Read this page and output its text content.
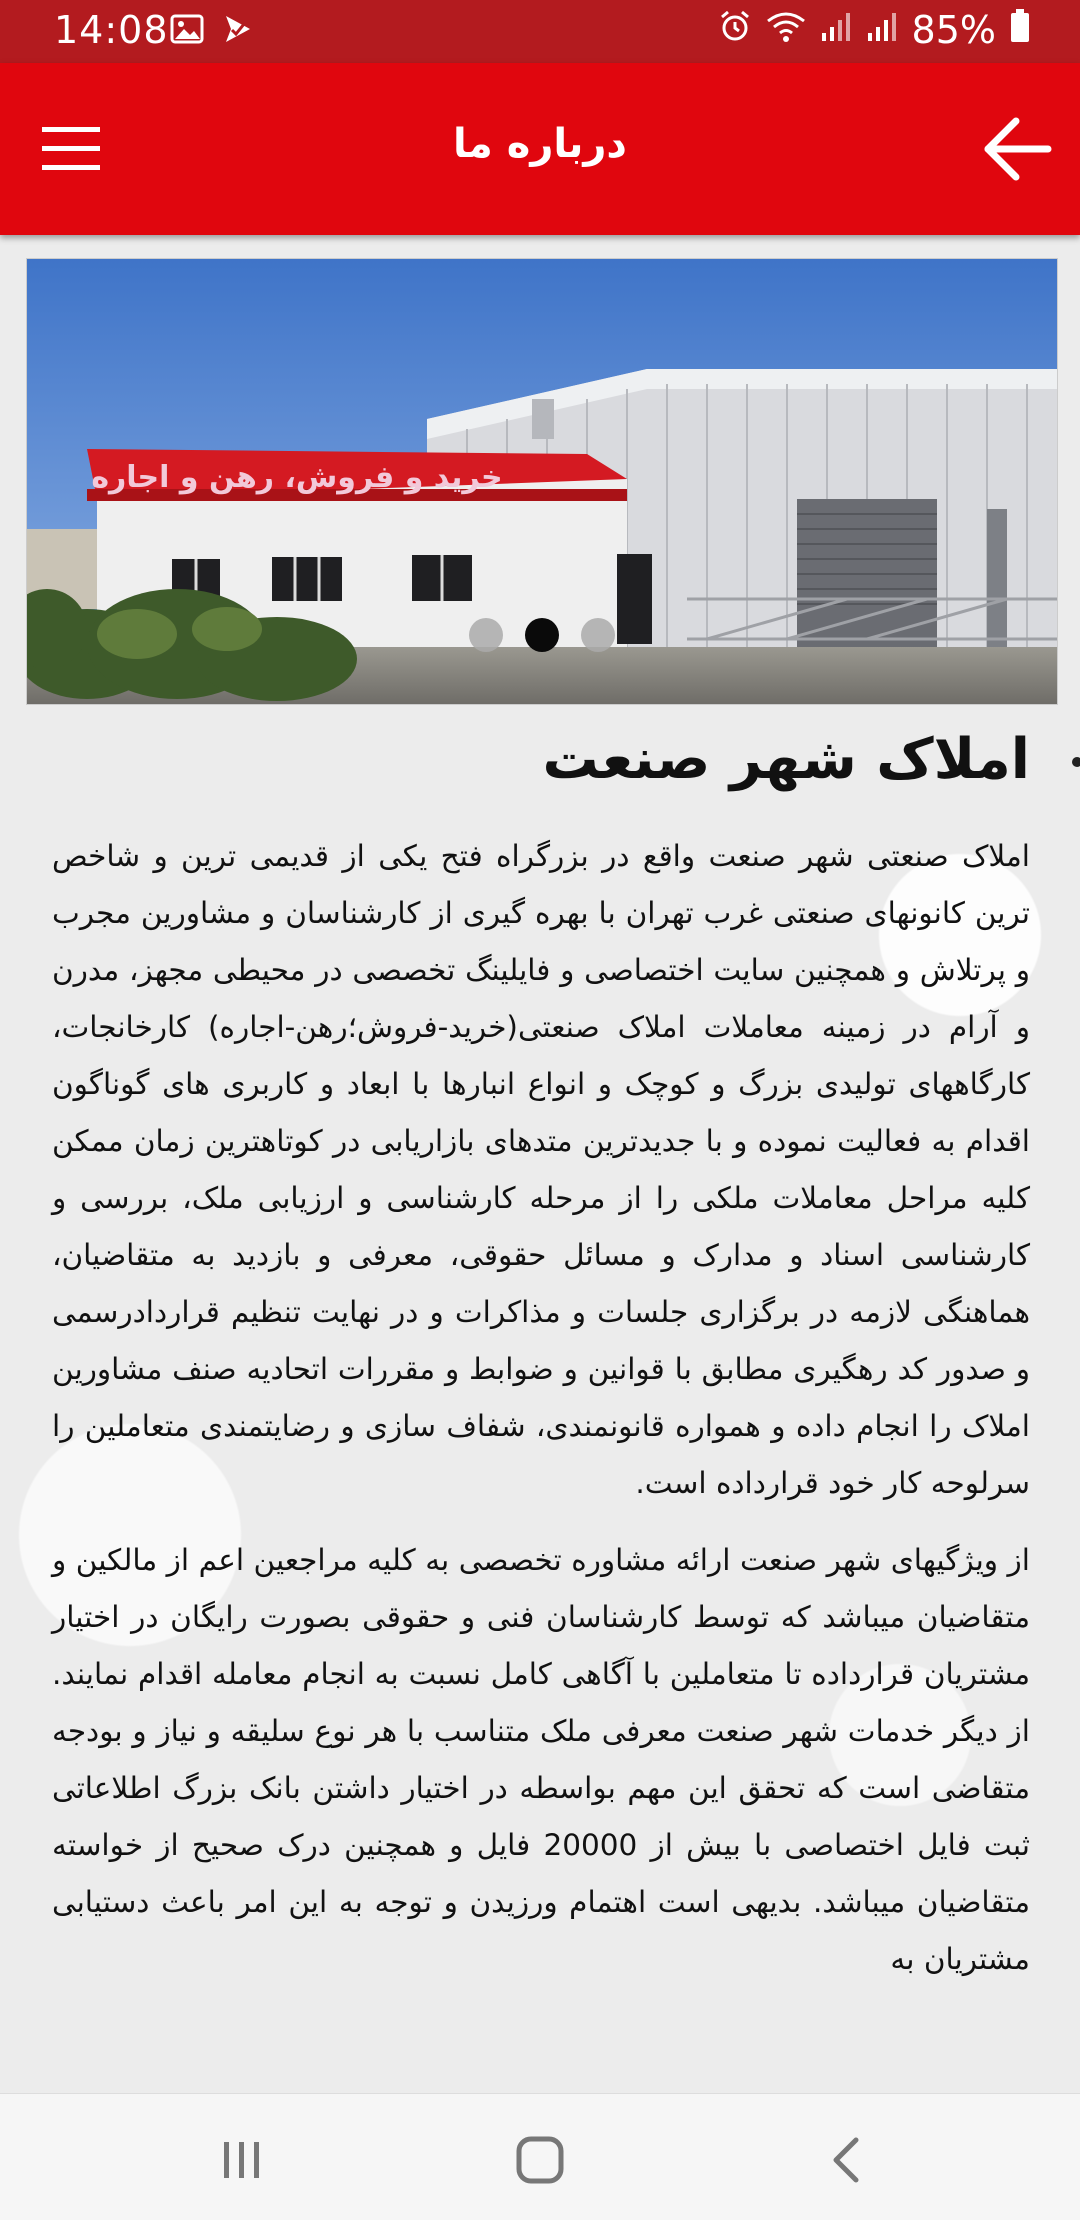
14:08	85%
درباره ما
خرید و فروش، رهن و اجاره
املاک شهر صنعت

املاک صنعتی شهر صنعت واقع در بزرگراه فتح یکی از قدیمی ترین و شاخص ترین کانونهای صنعتی غرب تهران با بهره گیری از کارشناسان و مشاورین مجرب و پرتلاش و همچنین سایت اختصاصی و فایلینگ تخصصی در محیطی مجهز، مدرن و آرام در زمینه معاملات املاک صنعتی(خرید-فروش؛رهن-اجاره) کارخانجات، کارگاههای تولیدی بزرگ و کوچک و انواع انبارها با ابعاد و کاربری های گوناگون اقدام به فعالیت نموده و با جدیدترین متدهای بازاریابی در کوتاهترین زمان ممکن کلیه مراحل معاملات ملکی را از مرحله کارشناسی و ارزیابی ملک، بررسی و کارشناسی اسناد و مدارک و مسائل حقوقی، معرفی و بازدید به متقاضیان، هماهنگی لازمه در برگزاری جلسات و مذاکرات و در نهایت تنظیم قراردادرسمی و صدور کد رهگیری مطابق با قوانین و ضوابط و مقررات اتحادیه صنف مشاورین املاک را انجام داده و همواره قانونمندی، شفاف سازی و رضایتمندی متعاملین را سرلوحه کار خود قرارداده است.

از ویژگیهای شهر صنعت ارائه مشاوره تخصصی به کلیه مراجعین اعم از مالکین و متقاضیان میباشد که توسط کارشناسان فنی و حقوقی بصورت رایگان در اختیار مشتریان قرارداده تا متعاملین با آگاهی کامل نسبت به انجام معامله اقدام نمایند. از دیگر خدمات شهر صنعت معرفی ملک متناسب با هر نوع سلیقه و نیاز و بودجه متقاضی است که تحقق این مهم بواسطه در اختیار داشتن بانک بزرگ اطلاعاتی ثبت فایل اختصاصی با بیش از 20000 فایل و همچنین درک صحیح از خواسته متقاضیان میباشد. بدیهی است اهتمام ورزیدن و توجه به این امر باعث دستیابی مشتریان به
